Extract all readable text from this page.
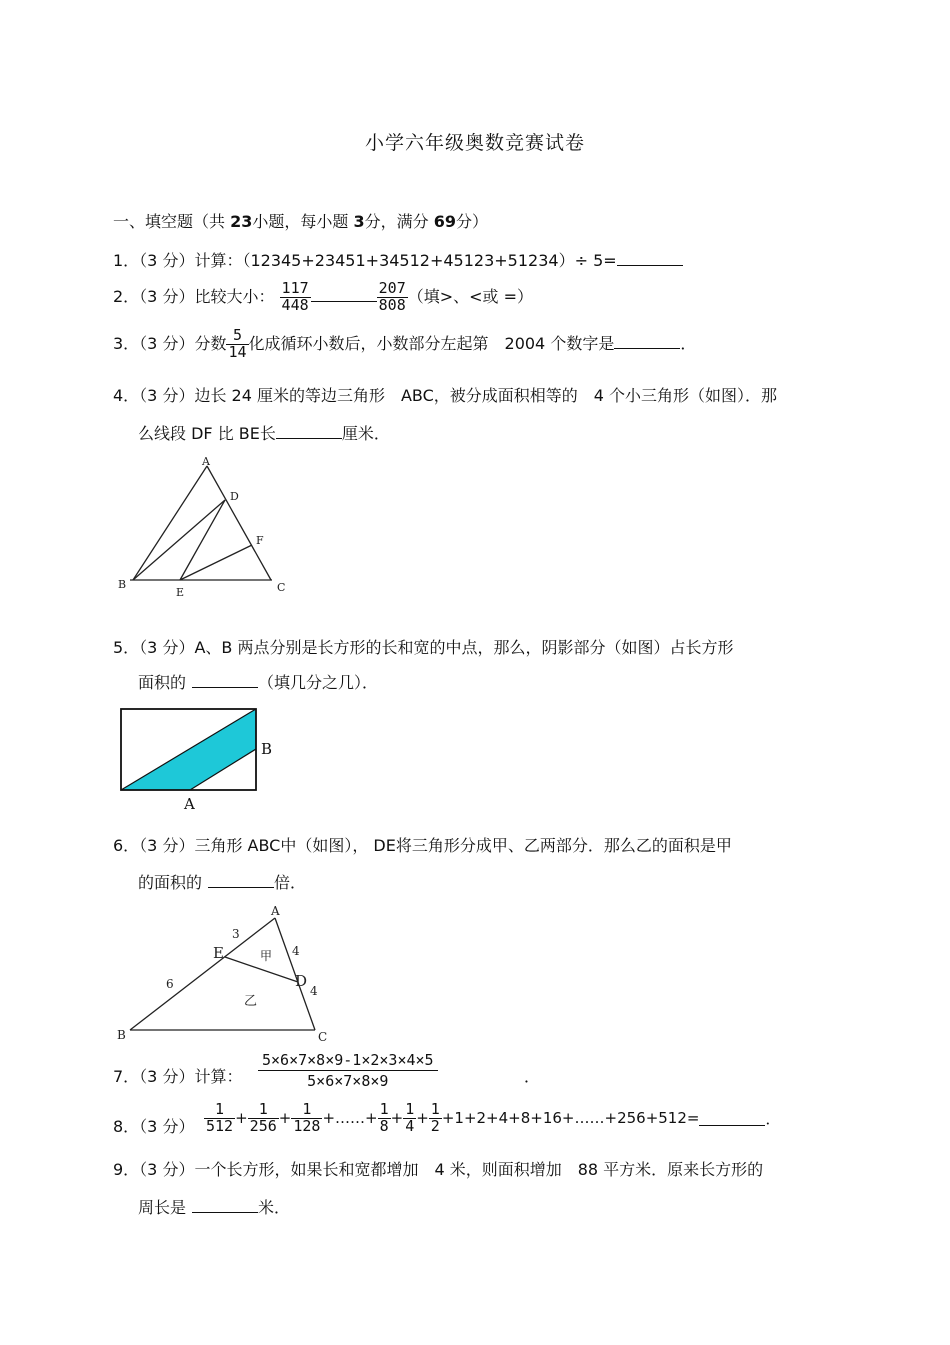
小学六年级奥数竞赛试卷
一、填空题（共 23小题，每小题 3分，满分 69分）
1．（3 分）计算：（12345+23451+34512+45123+51234）÷ 5=
2．（3 分）比较大小： $\frac{117}{448}$	$\frac{207}{808}$ （填>、<或 =）
3．（3 分）分数 $\frac{5}{14}$ 化成循环小数后，小数部分左起第　2004 个数字是	．
4．（3 分）边长 24 厘米的等边三角形　ABC，被分成面积相等的　4 个小三角形（如图）．那
么线段 DF 比 BE长	厘米．
A
B	C
D
E
F
5．（3 分）A、B 两点分别是长方形的长和宽的中点，那么，阴影部分（如图）占长方形
面积的	（填几分之几）．
A
B
6．（3 分）三角形 ABC中（如图）， DE将三角形分成甲、乙两部分．那么乙的面积是甲
的面积的	倍．
A
B	C
D
E
3
6
4
4
甲
乙
7．（3 分）计算： $\frac{5\times 6\times 7\times 8\times 9-1\times 2\times 3\times 4\times 5}{5\times 6\times 7\times 8\times 9}$	．
8．（3 分） $\frac{1}{512} + \frac{1}{256} + \frac{1}{128}$ +……+ $\frac{1}{8} + \frac{1}{4} + \frac{1}{2}$ +1+2+4+8+16+……+256+512=	．
9．（3 分）一个长方形，如果长和宽都增加　4 米，则面积增加　88 平方米．原来长方形的
周长是	米．
